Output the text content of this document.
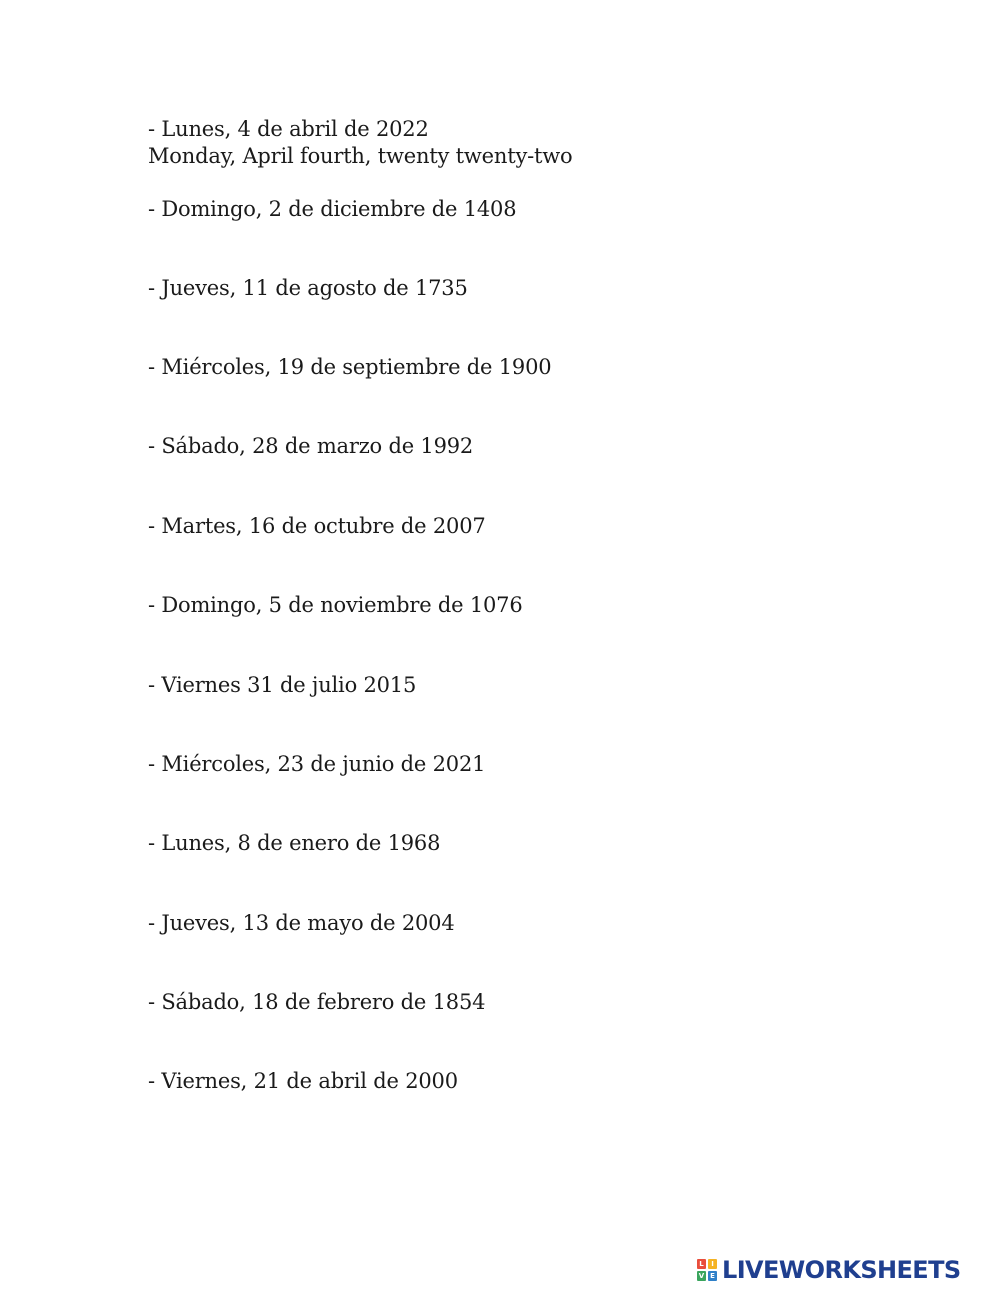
- Lunes, 4 de abril de 2022
Monday, April fourth, twenty twenty-two
- Domingo, 2 de diciembre de 1408
- Jueves, 11 de agosto de 1735
- Miércoles, 19 de septiembre de 1900
- Sábado, 28 de marzo de 1992
- Martes, 16 de octubre de 2007
- Domingo, 5 de noviembre de 1076
- Viernes 31 de julio 2015
- Miércoles, 23 de junio de 2021
- Lunes, 8 de enero de 1968
- Jueves, 13 de mayo de 2004
- Sábado, 18 de febrero de 1854
- Viernes, 21 de abril de 2000
L	I
V E LIVEWORKSHEETS
